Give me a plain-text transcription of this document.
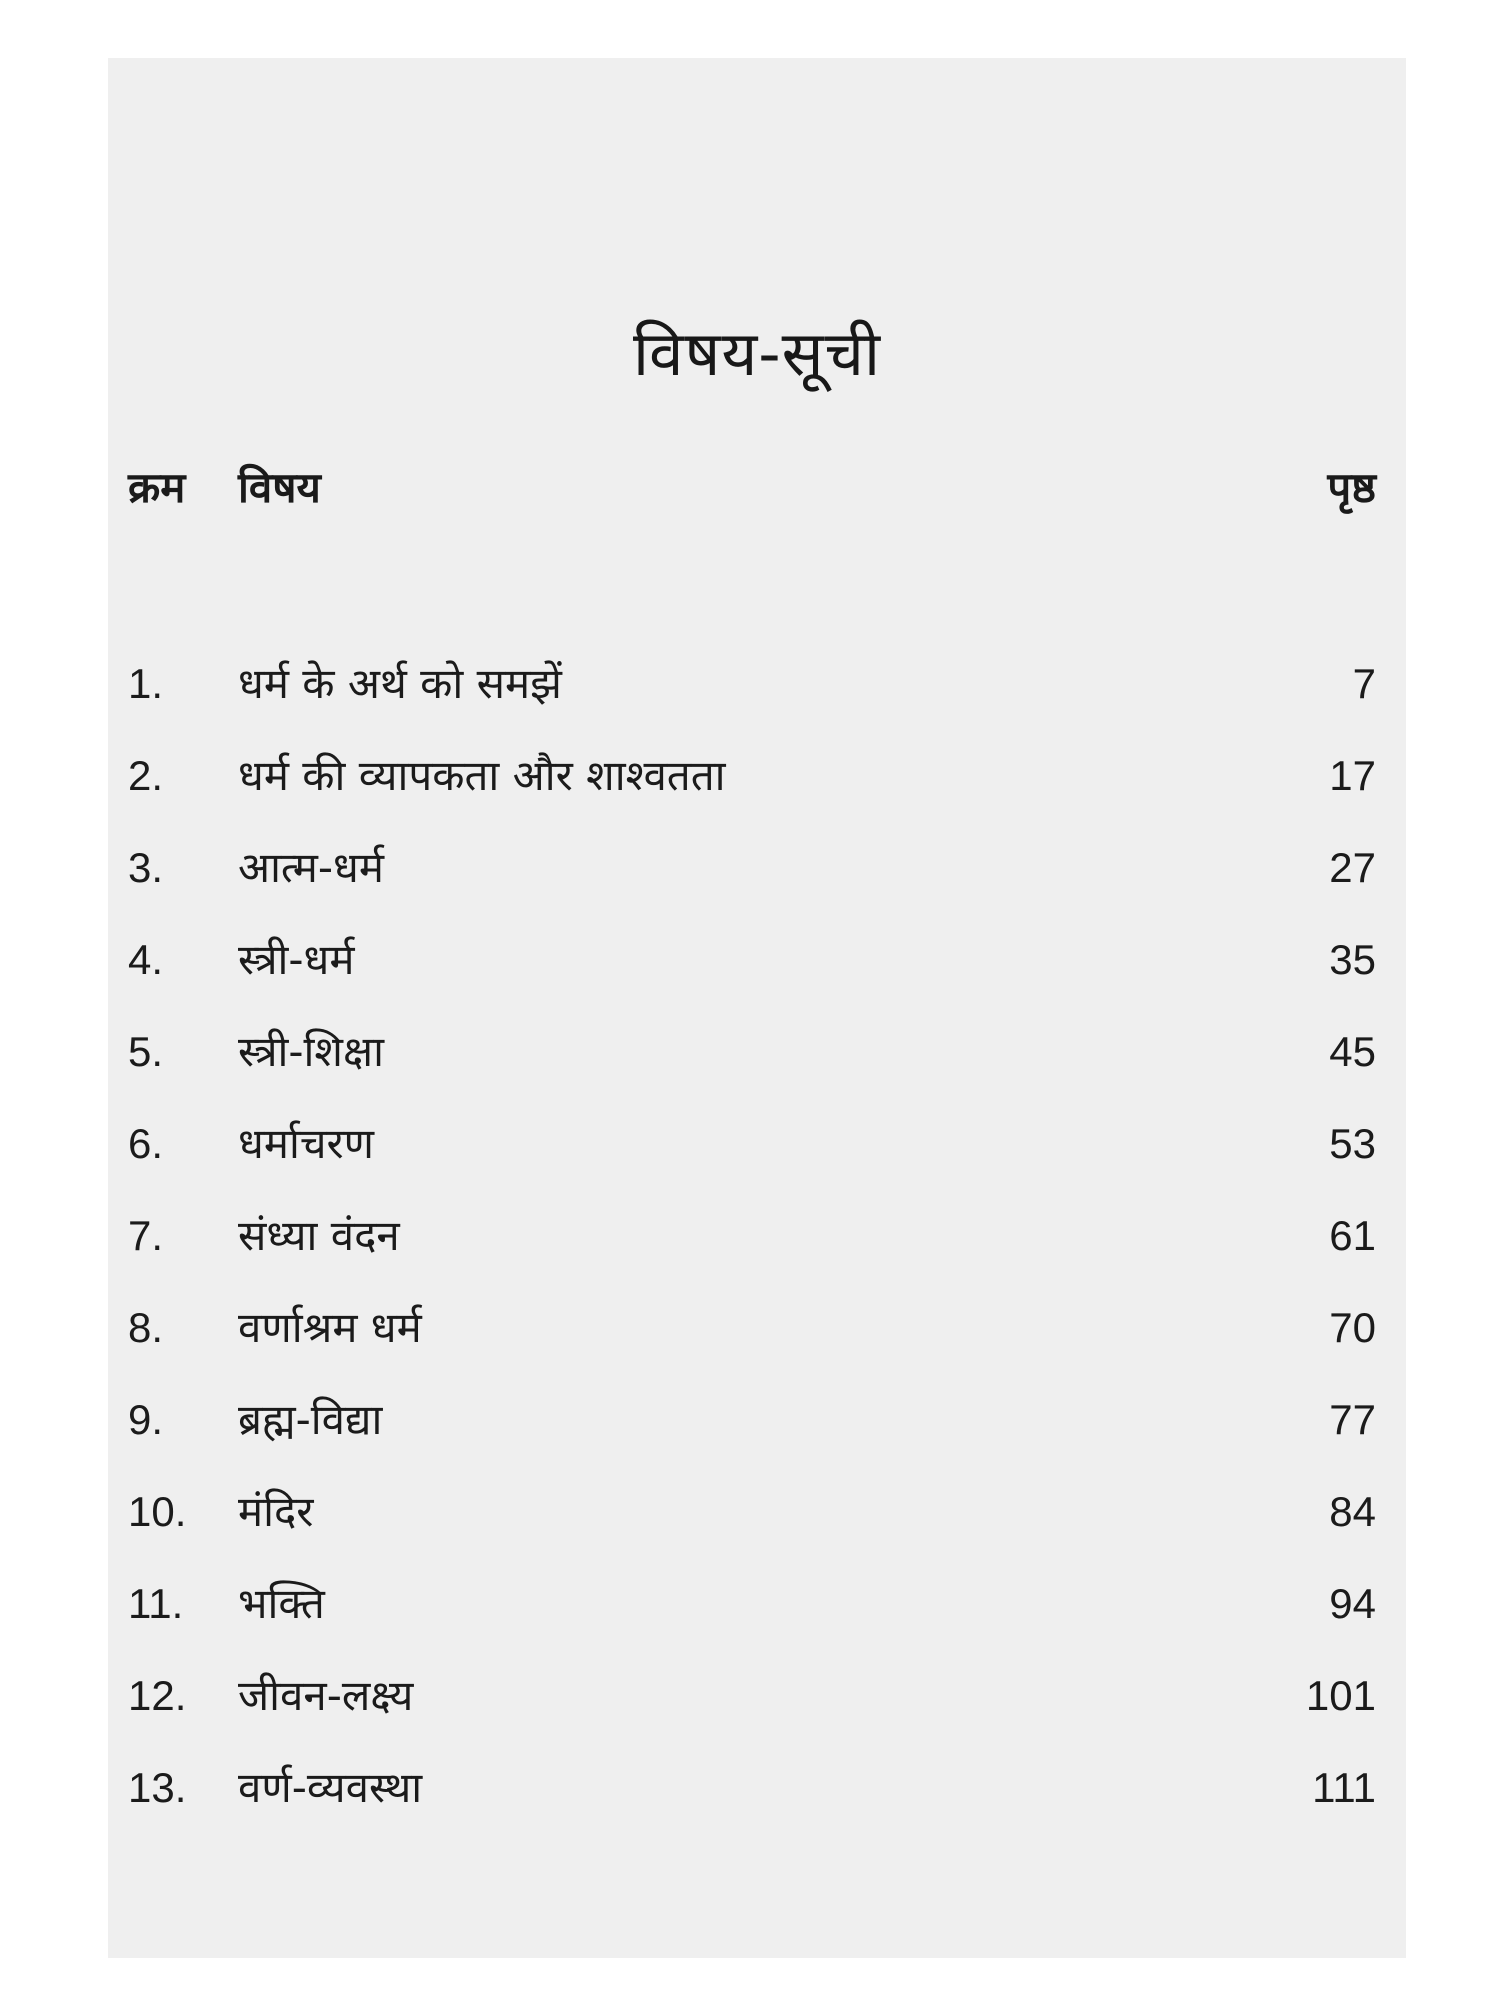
विषय-सूची
क्रम विषय	पृष्ठ
1. धर्म के अर्थ को समझें	7
2. धर्म की व्यापकता और शाश्वतता	17
3. आत्म-धर्म	27
4. स्त्री-धर्म	35
5. स्त्री-शिक्षा	45
6. धर्माचरण	53
7. संध्या वंदन	61
8. वर्णाश्रम धर्म	70
9. ब्रह्म-विद्या	77
10. मंदिर	84
11. भक्ति	94
12. जीवन-लक्ष्य	101
13. वर्ण-व्यवस्था	111
